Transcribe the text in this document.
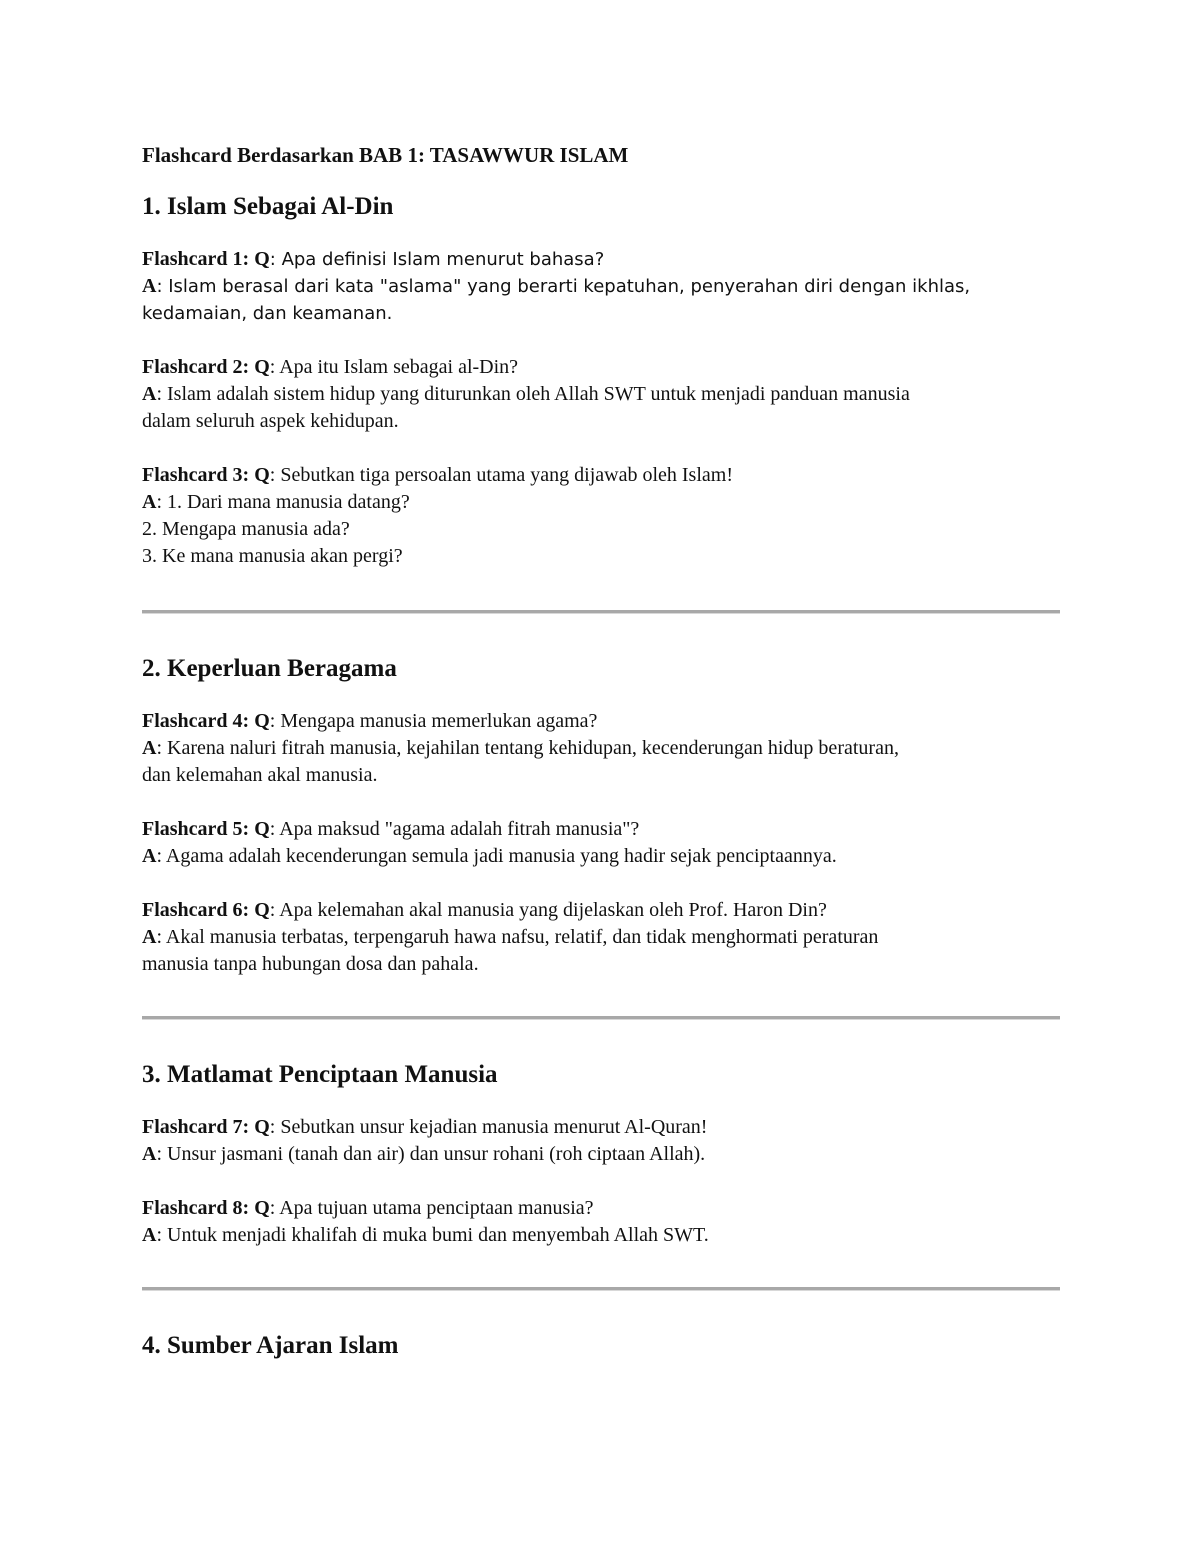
Flashcard Berdasarkan BAB 1: TASAWWUR ISLAM
1. Islam Sebagai Al-Din
Flashcard 1: Q: Apa definisi Islam menurut bahasa?
A: Islam berasal dari kata "aslama" yang berarti kepatuhan, penyerahan diri dengan ikhlas,
kedamaian, dan keamanan.
Flashcard 2: Q: Apa itu Islam sebagai al-Din?
A: Islam adalah sistem hidup yang diturunkan oleh Allah SWT untuk menjadi panduan manusia
dalam seluruh aspek kehidupan.
Flashcard 3: Q: Sebutkan tiga persoalan utama yang dijawab oleh Islam!
A: 1. Dari mana manusia datang?
2. Mengapa manusia ada?
3. Ke mana manusia akan pergi?
2. Keperluan Beragama
Flashcard 4: Q: Mengapa manusia memerlukan agama?
A: Karena naluri fitrah manusia, kejahilan tentang kehidupan, kecenderungan hidup beraturan,
dan kelemahan akal manusia.
Flashcard 5: Q: Apa maksud "agama adalah fitrah manusia"?
A: Agama adalah kecenderungan semula jadi manusia yang hadir sejak penciptaannya.
Flashcard 6: Q: Apa kelemahan akal manusia yang dijelaskan oleh Prof. Haron Din?
A: Akal manusia terbatas, terpengaruh hawa nafsu, relatif, dan tidak menghormati peraturan
manusia tanpa hubungan dosa dan pahala.
3. Matlamat Penciptaan Manusia
Flashcard 7: Q: Sebutkan unsur kejadian manusia menurut Al-Quran!
A: Unsur jasmani (tanah dan air) dan unsur rohani (roh ciptaan Allah).
Flashcard 8: Q: Apa tujuan utama penciptaan manusia?
A: Untuk menjadi khalifah di muka bumi dan menyembah Allah SWT.
4. Sumber Ajaran Islam
